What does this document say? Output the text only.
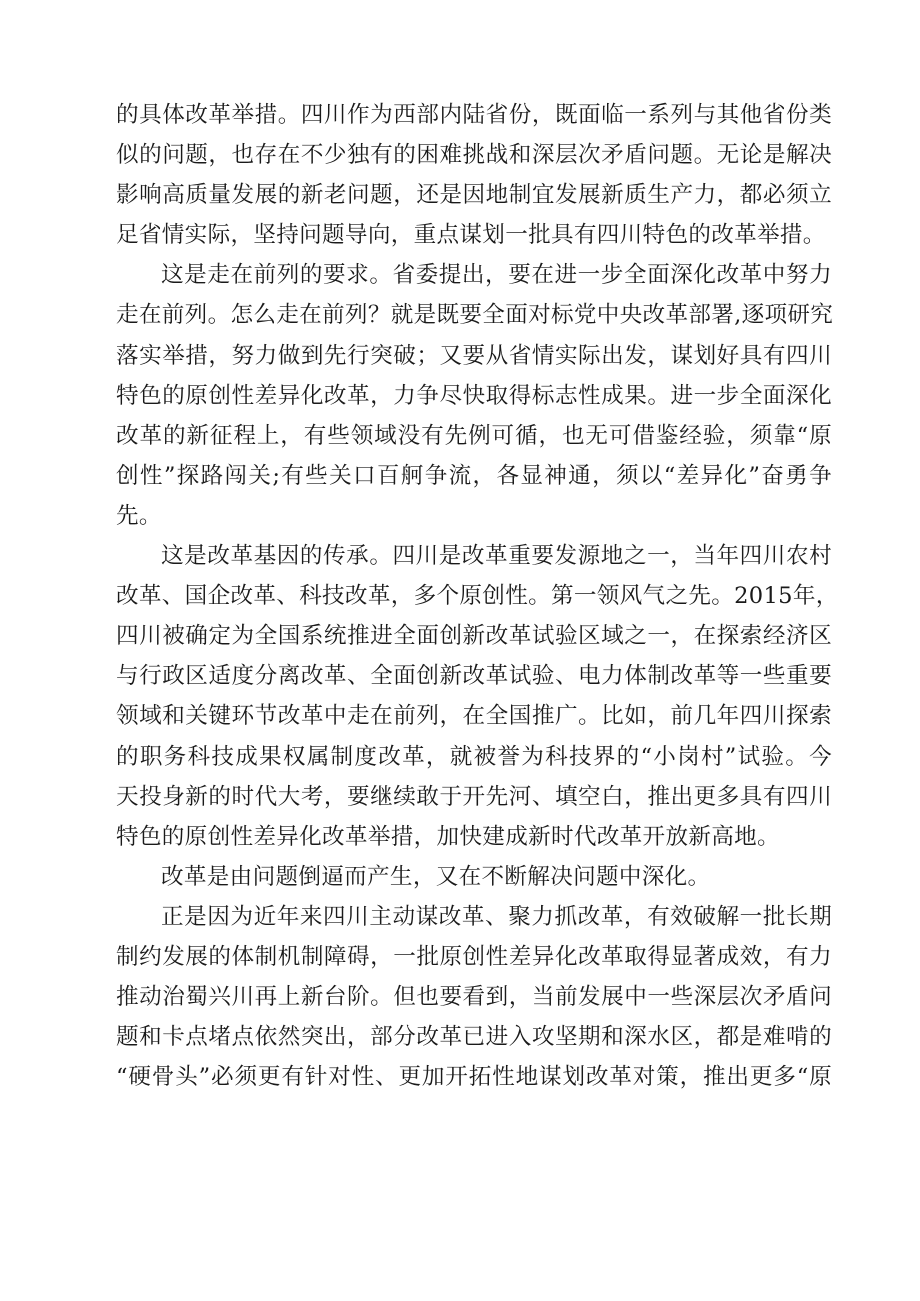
的具体改革举措。四川作为西部内陆省份，既面临一系列与其他省份类
似的问题，也存在不少独有的困难挑战和深层次矛盾问题。无论是解决
影响高质量发展的新老问题，还是因地制宜发展新质生产力，都必须立
足省情实际，坚持问题导向，重点谋划一批具有四川特色的改革举措。

这是走在前列的要求。省委提出，要在进一步全面深化改革中努力
走在前列。怎么走在前列？就是既要全面对标党中央改革部署,逐项研究
落实举措，努力做到先行突破；又要从省情实际出发，谋划好具有四川
特色的原创性差异化改革，力争尽快取得标志性成果。进一步全面深化
改革的新征程上，有些领域没有先例可循，也无可借鉴经验，须靠“原
创性”探路闯关;有些关口百舸争流，各显神通，须以“差异化”奋勇争
先。

这是改革基因的传承。四川是改革重要发源地之一，当年四川农村
改革、国企改革、科技改革，多个原创性。第一领风气之先。2015年，
四川被确定为全国系统推进全面创新改革试验区域之一，在探索经济区
与行政区适度分离改革、全面创新改革试验、电力体制改革等一些重要
领域和关键环节改革中走在前列，在全国推广。比如，前几年四川探索
的职务科技成果权属制度改革，就被誉为科技界的“小岗村”试验。今
天投身新的时代大考，要继续敢于开先河、填空白，推出更多具有四川
特色的原创性差异化改革举措，加快建成新时代改革开放新高地。

改革是由问题倒逼而产生，又在不断解决问题中深化。

正是因为近年来四川主动谋改革、聚力抓改革，有效破解一批长期
制约发展的体制机制障碍，一批原创性差异化改革取得显著成效，有力
推动治蜀兴川再上新台阶。但也要看到，当前发展中一些深层次矛盾问
题和卡点堵点依然突出，部分改革已进入攻坚期和深水区，都是难啃的
“硬骨头”必须更有针对性、更加开拓性地谋划改革对策，推出更多“原
